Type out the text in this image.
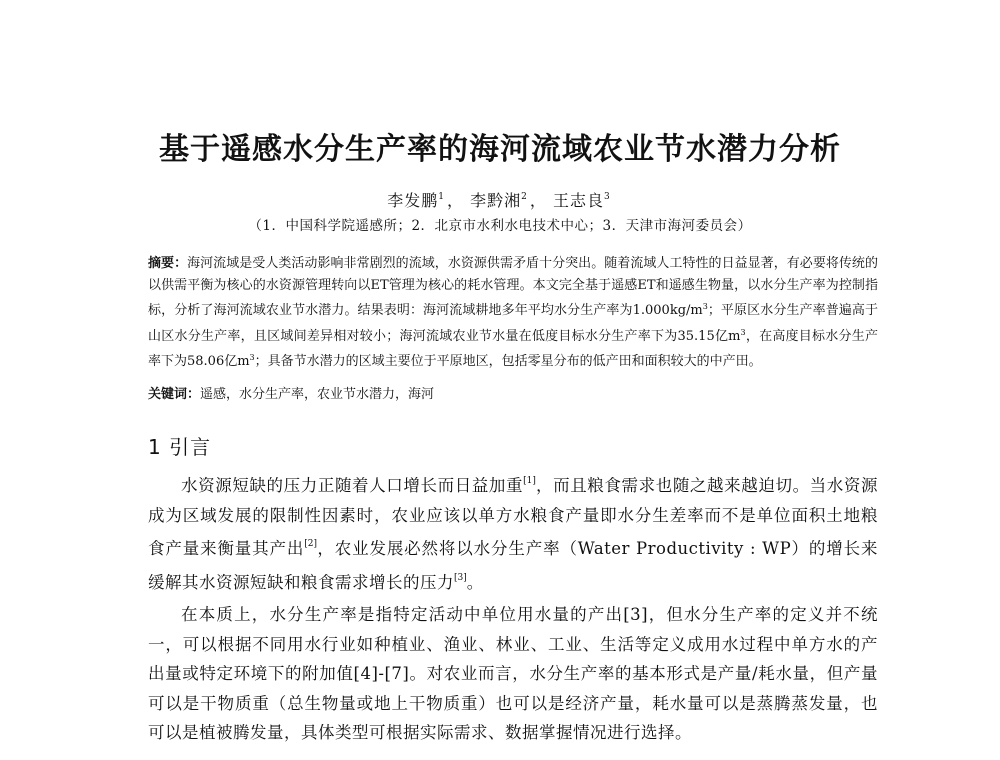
基于遥感水分生产率的海河流域农业节水潜力分析
李发鹏$^1$ ， 李黔湘$^2$ ， 王志良$^3$
（1．中国科学院遥感所；2．北京市水利水电技术中心；3．天津市海河委员会）
摘要：海河流域是受人类活动影响非常剧烈的流域，水资源供需矛盾十分突出。随着流域人工特性的日益显著，有必要将传统的以供需平衡为核心的水资源管理转向以ET管理为核心的耗水管理。本文完全基于遥感ET和遥感生物量，以水分生产率为控制指标，分析了海河流域农业节水潜力。结果表明：海河流域耕地多年平均水分生产率为$1.000kg/m^3$；平原区水分生产率普遍高于山区水分生产率，且区域间差异相对较小；海河流域农业节水量在低度目标水分生产率下为35.15亿$m^3$，在高度目标水分生产率下为58.06亿$m^3$；具备节水潜力的区域主要位于平原地区，包括零星分布的低产田和面积较大的中产田。
关键词：遥感，水分生产率，农业节水潜力，海河
1 引言

水资源短缺的压力正随着人口增长而日益加重[1]，而且粮食需求也随之越来越迫切。当水资源成为区域发展的限制性因素时，农业应该以单方水粮食产量即水分生差率而不是单位面积土地粮食产量来衡量其产出[2]，农业发展必然将以水分生产率（Water Productivity : WP）的增长来缓解其水资源短缺和粮食需求增长的压力[3]。

在本质上，水分生产率是指特定活动中单位用水量的产出[3]，但水分生产率的定义并不统一，可以根据不同用水行业如种植业、渔业、林业、工业、生活等定义成用水过程中单方水的产出量或特定环境下的附加值[4]-[7]。对农业而言，水分生产率的基本形式是产量/耗水量，但产量可以是干物质重（总生物量或地上干物质重）也可以是经济产量，耗水量可以是蒸腾蒸发量，也可以是植被腾发量，具体类型可根据实际需求、数据掌握情况进行选择。
